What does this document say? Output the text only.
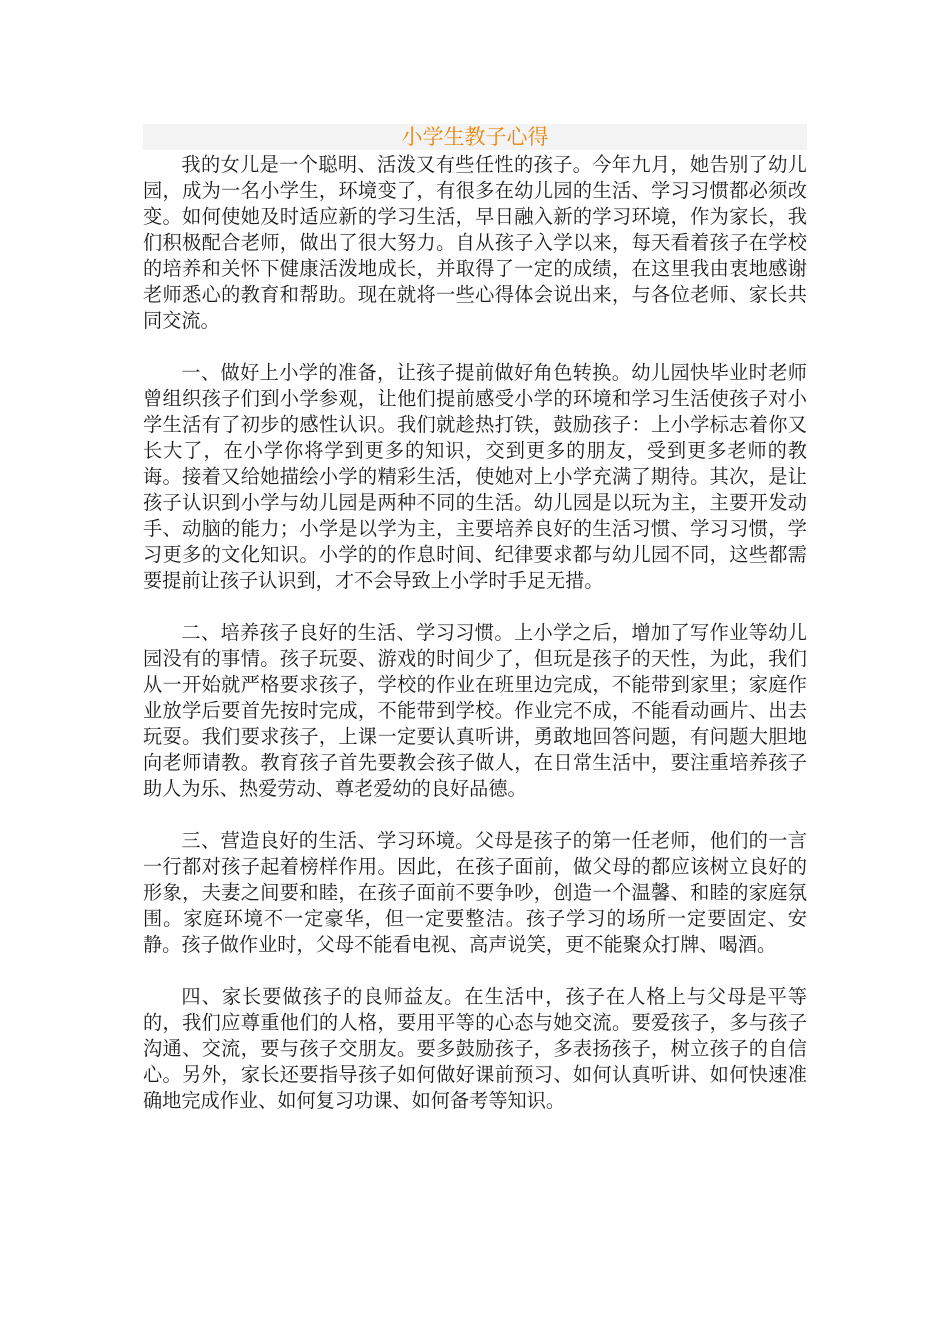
小学生教子心得

我的女儿是一个聪明、活泼又有些任性的孩子。今年九月，她告别了幼儿园，成为一名小学生，环境变了，有很多在幼儿园的生活、学习习惯都必须改变。如何使她及时适应新的学习生活，早日融入新的学习环境，作为家长，我们积极配合老师，做出了很大努力。自从孩子入学以来，每天看着孩子在学校的培养和关怀下健康活泼地成长，并取得了一定的成绩，在这里我由衷地感谢老师悉心的教育和帮助。现在就将一些心得体会说出来，与各位老师、家长共同交流。

一、做好上小学的准备，让孩子提前做好角色转换。幼儿园快毕业时老师曾组织孩子们到小学参观，让他们提前感受小学的环境和学习生活使孩子对小学生活有了初步的感性认识。我们就趁热打铁，鼓励孩子：上小学标志着你又长大了，在小学你将学到更多的知识，交到更多的朋友，受到更多老师的教诲。接着又给她描绘小学的精彩生活，使她对上小学充满了期待。其次，是让孩子认识到小学与幼儿园是两种不同的生活。幼儿园是以玩为主，主要开发动手、动脑的能力；小学是以学为主，主要培养良好的生活习惯、学习习惯，学习更多的文化知识。小学的的作息时间、纪律要求都与幼儿园不同，这些都需要提前让孩子认识到，才不会导致上小学时手足无措。

二、培养孩子良好的生活、学习习惯。上小学之后，增加了写作业等幼儿园没有的事情。孩子玩耍、游戏的时间少了，但玩是孩子的天性，为此，我们从一开始就严格要求孩子，学校的作业在班里边完成，不能带到家里；家庭作业放学后要首先按时完成，不能带到学校。作业完不成，不能看动画片、出去玩耍。我们要求孩子，上课一定要认真听讲，勇敢地回答问题，有问题大胆地向老师请教。教育孩子首先要教会孩子做人，在日常生活中，要注重培养孩子助人为乐、热爱劳动、尊老爱幼的良好品德。

三、营造良好的生活、学习环境。父母是孩子的第一任老师，他们的一言一行都对孩子起着榜样作用。因此，在孩子面前，做父母的都应该树立良好的形象，夫妻之间要和睦，在孩子面前不要争吵，创造一个温馨、和睦的家庭氛围。家庭环境不一定豪华，但一定要整洁。孩子学习的场所一定要固定、安静。孩子做作业时，父母不能看电视、高声说笑，更不能聚众打牌、喝酒。

四、家长要做孩子的良师益友。在生活中，孩子在人格上与父母是平等的，我们应尊重他们的人格，要用平等的心态与她交流。要爱孩子，多与孩子沟通、交流，要与孩子交朋友。要多鼓励孩子，多表扬孩子，树立孩子的自信心。另外，家长还要指导孩子如何做好课前预习、如何认真听讲、如何快速准确地完成作业、如何复习功课、如何备考等知识。
